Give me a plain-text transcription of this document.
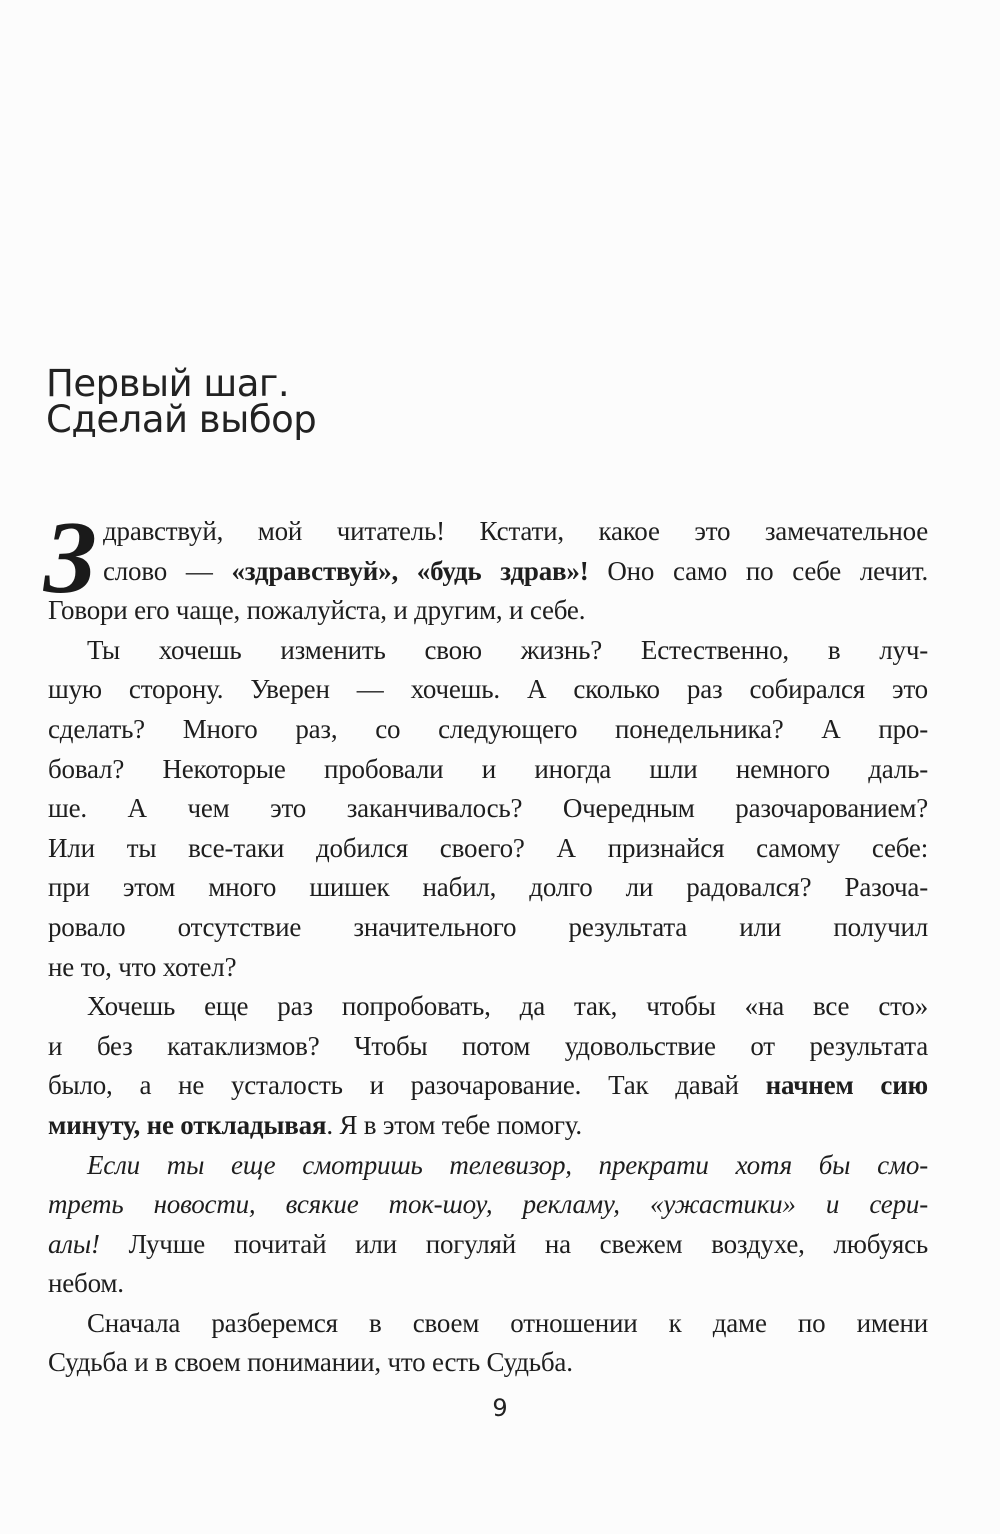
Первый шаг.
Сделай выбор
З дравствуй, мой читатель! Кстати, какое это замечательное
слово — «здравствуй», «будь здрав»! Оно само по себе лечит.
Говори его чаще, пожалуйста, и другим, и себе.
Ты хочешь изменить свою жизнь? Естественно, в луч-
шую сторону. Уверен — хочешь. А сколько раз собирался это
сделать? Много раз, со следующего понедельника? А про-
бовал? Некоторые пробовали и иногда шли немного даль-
ше. А чем это заканчивалось? Очередным разочарованием?
Или ты все-таки добился своего? А признайся самому себе:
при этом много шишек набил, долго ли радовался? Разоча-
ровало отсутствие значительного результата или получил
не то, что хотел?
Хочешь еще раз попробовать, да так, чтобы «на все сто»
и без катаклизмов? Чтобы потом удовольствие от результата
было, а не усталость и разочарование. Так давай начнем сию
минуту, не откладывая. Я в этом тебе помогу.
Если ты еще смотришь телевизор, прекрати хотя бы смо-
треть новости, всякие ток-шоу, рекламу, «ужастики» и сери-
алы! Лучше почитай или погуляй на свежем воздухе, любуясь
небом.
Сначала разберемся в своем отношении к даме по имени
Судьба и в своем понимании, что есть Судьба.
9
